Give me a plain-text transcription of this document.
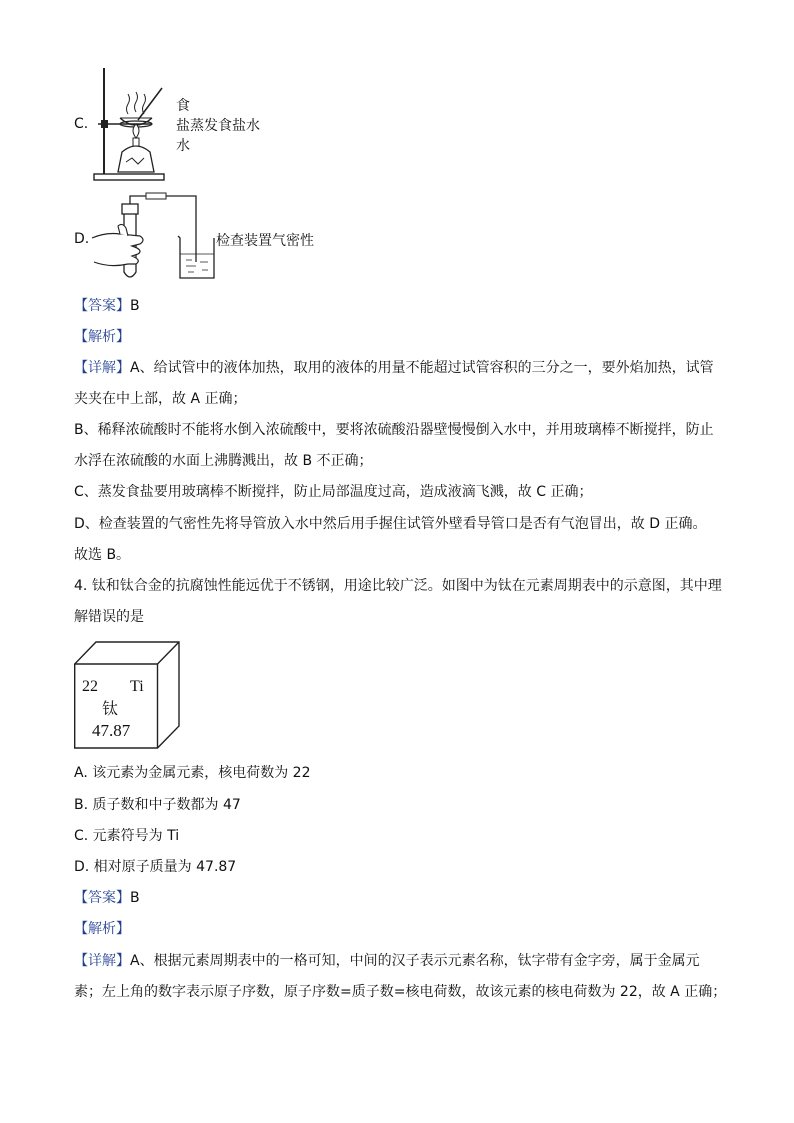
C.
食
盐蒸发食盐水
水
D.	检查装置气密性
【答案】B
【解析】
【详解】A、给试管中的液体加热，取用的液体的用量不能超过试管容积的三分之一，要外焰加热，试管
夹夹在中上部，故 A 正确；
B、稀释浓硫酸时不能将水倒入浓硫酸中，要将浓硫酸沿器壁慢慢倒入水中，并用玻璃棒不断搅拌，防止
水浮在浓硫酸的水面上沸腾溅出，故 B 不正确；
C、蒸发食盐要用玻璃棒不断搅拌，防止局部温度过高，造成液滴飞溅，故 C 正确；
D、检查装置的气密性先将导管放入水中然后用手握住试管外壁看导管口是否有气泡冒出，故 D 正确。
故选 B。
4. 钛和钛合金的抗腐蚀性能远优于不锈钢，用途比较广泛。如图中为钛在元素周期表中的示意图，其中理
解错误的是
22 Ti
钛
47.87
A. 该元素为金属元素，核电荷数为 22
B. 质子数和中子数都为 47
C. 元素符号为 Ti
D. 相对原子质量为 47.87
【答案】B
【解析】
【详解】A、根据元素周期表中的一格可知，中间的汉子表示元素名称，钛字带有金字旁，属于金属元
素；左上角的数字表示原子序数，原子序数=质子数=核电荷数，故该元素的核电荷数为 22，故 A 正确；
